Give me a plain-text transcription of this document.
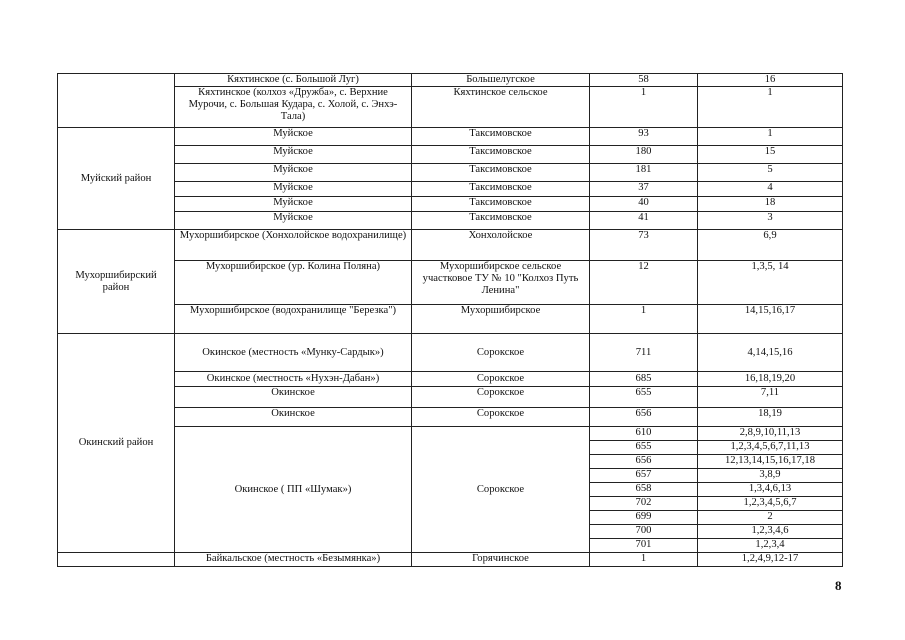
	Кяхтинское (с. Большой Луг)	Большелугское	58	16
	Кяхтинское (колхоз «Дружба», с. Верхние Мурочи, с. Большая Кудара, с. Холой, с. Энхэ-Тала)	Кяхтинское сельское	1	1
Муйский район	Муйское	Таксимовское	93	1
	Муйское	Таксимовское	180	15
	Муйское	Таксимовское	181	5
	Муйское	Таксимовское	37	4
	Муйское	Таксимовское	40	18
	Муйское	Таксимовское	41	3
Мухоршибирский район	Мухоршибирское (Хонхолойское водохранилище)	Хонхолойское	73	6,9
	Мухоршибирское (ур. Колина Поляна)	Мухоршибирское сельское участковое ТУ № 10 "Колхоз Путь Ленина"	12	1,3,5, 14
	Мухоршибирское (водохранилище "Березка")	Мухоршибирское	1	14,15,16,17
Окинский район	Окинское (местность «Мунку-Сардык»)	Сорокское	711	4,14,15,16
	Окинское (местность «Нухэн-Дабан»)	Сорокское	685	16,18,19,20
	Окинское	Сорокское	655	7,11
	Окинское	Сорокское	656	18,19
	Окинское ( ПП «Шумак»)	Сорокское	610	2,8,9,10,11,13
			655	1,2,3,4,5,6,7,11,13
			656	12,13,14,15,16,17,18
			657	3,8,9
			658	1,3,4,6,13
			702	1,2,3,4,5,6,7
			699	2
			700	1,2,3,4,6
			701	1,2,3,4
	Байкальское (местность «Безымянка»)	Горячинское	1	1,2,4,9,12-17
8
